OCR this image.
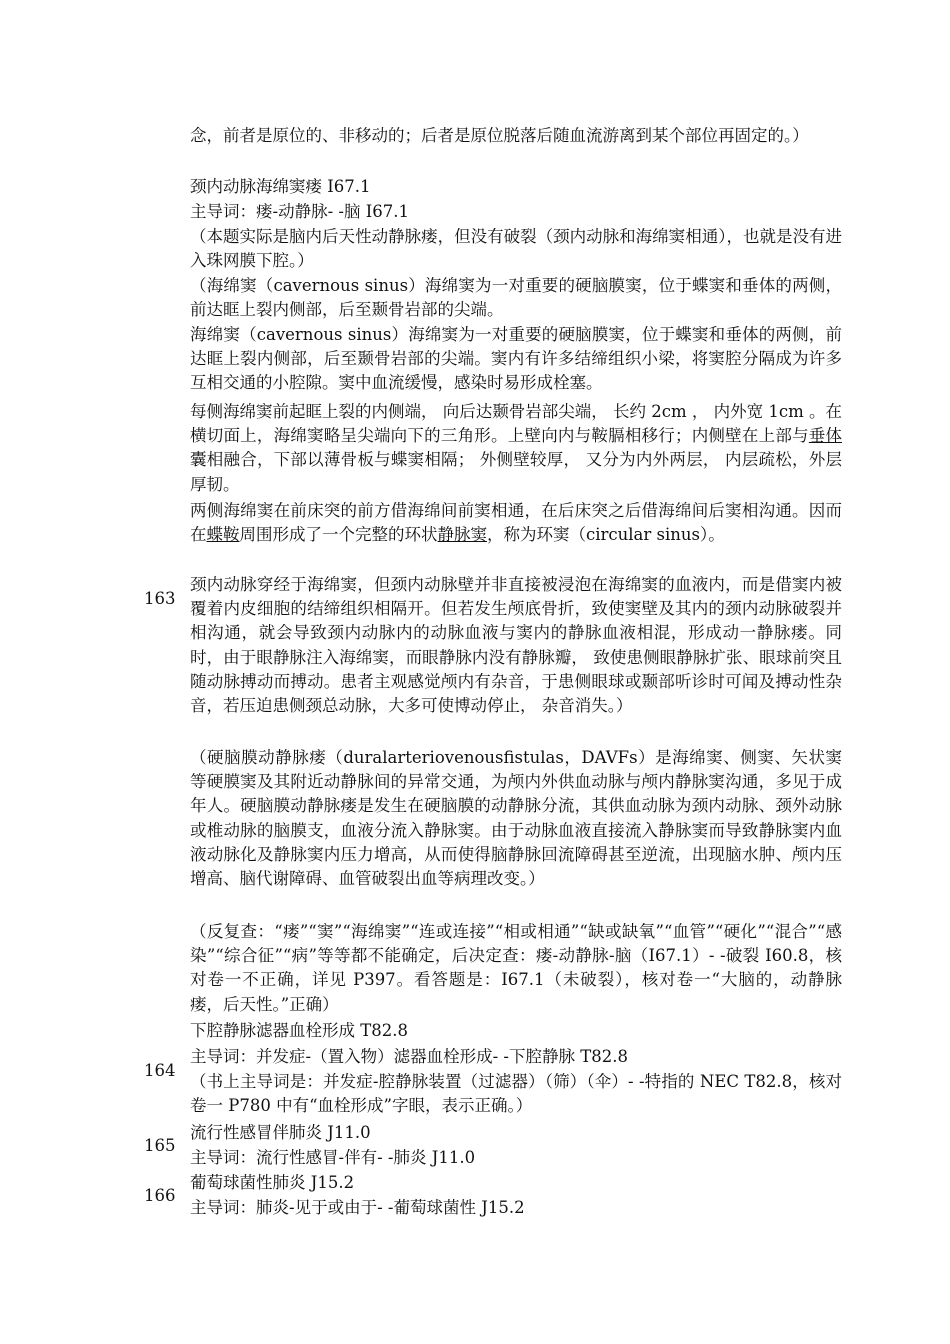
念，前者是原位的、非移动的；后者是原位脱落后随血流游离到某个部位再固定的。）
颈内动脉海绵窦瘘 I67.1
主导词：瘘-动静脉- -脑 I67.1
（本题实际是脑内后天性动静脉瘘，但没有破裂（颈内动脉和海绵窦相通），也就是没有进入珠网膜下腔。）
（海绵窦（cavernous sinus）海绵窦为一对重要的硬脑膜窦，位于蝶窦和垂体的两侧，前达眶上裂内侧部，后至颞骨岩部的尖端。
海绵窦（cavernous sinus）海绵窦为一对重要的硬脑膜窦，位于蝶窦和垂体的两侧，前达眶上裂内侧部，后至颞骨岩部的尖端。窦内有许多结缔组织小梁，将窦腔分隔成为许多互相交通的小腔隙。窦中血流缓慢，感染时易形成栓塞。
每侧海绵窦前起眶上裂的内侧端， 向后达颞骨岩部尖端， 长约 2cm ， 内外宽 1cm 。在横切面上，海绵窦略呈尖端向下的三角形。上壁向内与鞍膈相移行；内侧壁在上部与垂体囊相融合，下部以薄骨板与蝶窦相隔； 外侧壁较厚， 又分为内外两层， 内层疏松，外层厚韧。
两侧海绵窦在前床突的前方借海绵间前窦相通，在后床突之后借海绵间后窦相沟通。因而在蝶鞍周围形成了一个完整的环状静脉窦，称为环窦（circular sinus）。
颈内动脉穿经于海绵窦，但颈内动脉壁并非直接被浸泡在海绵窦的血液内，而是借窦内被覆着内皮细胞的结缔组织相隔开。但若发生颅底骨折，致使窦壁及其内的颈内动脉破裂并相沟通，就会导致颈内动脉内的动脉血液与窦内的静脉血液相混，形成动一静脉瘘。同时，由于眼静脉注入海绵窦，而眼静脉内没有静脉瓣， 致使患侧眼静脉扩张、眼球前突且随动脉搏动而搏动。患者主观感觉颅内有杂音，于患侧眼球或颞部听诊时可闻及搏动性杂音，若压迫患侧颈总动脉，大多可使博动停止， 杂音消失。）
（硬脑膜动静脉瘘（duralarteriovenousfistulas，DAVFs）是海绵窦、侧窦、矢状窦等硬膜窦及其附近动静脉间的异常交通，为颅内外供血动脉与颅内静脉窦沟通，多见于成年人。硬脑膜动静脉瘘是发生在硬脑膜的动静脉分流，其供血动脉为颈内动脉、颈外动脉或椎动脉的脑膜支，血液分流入静脉窦。由于动脉血液直接流入静脉窦而导致静脉窦内血液动脉化及静脉窦内压力增高，从而使得脑静脉回流障碍甚至逆流，出现脑水肿、颅内压增高、脑代谢障碍、血管破裂出血等病理改变。）
（反复查：“瘘”“窦”“海绵窦”“连或连接”“相或相通”“缺或缺氧”“血管”“硬化”“混合”“感染”“综合征”“病”等等都不能确定，后决定查：瘘-动静脉-脑（I67.1）- -破裂 I60.8，核对卷一不正确，详见 P397。看答题是：I67.1（未破裂），核对卷一“大脑的，动静脉瘘，后天性。”正确）
下腔静脉滤器血栓形成 T82.8
主导词：并发症-（置入物）滤器血栓形成- -下腔静脉 T82.8
（书上主导词是：并发症-腔静脉装置（过滤器）（筛）（伞）- -特指的 NEC T82.8，核对卷一 P780 中有“血栓形成”字眼，表示正确。）
流行性感冒伴肺炎 J11.0
主导词：流行性感冒-伴有- -肺炎 J11.0
葡萄球菌性肺炎 J15.2
主导词：肺炎-见于或由于- -葡萄球菌性 J15.2
163
164
165
166
